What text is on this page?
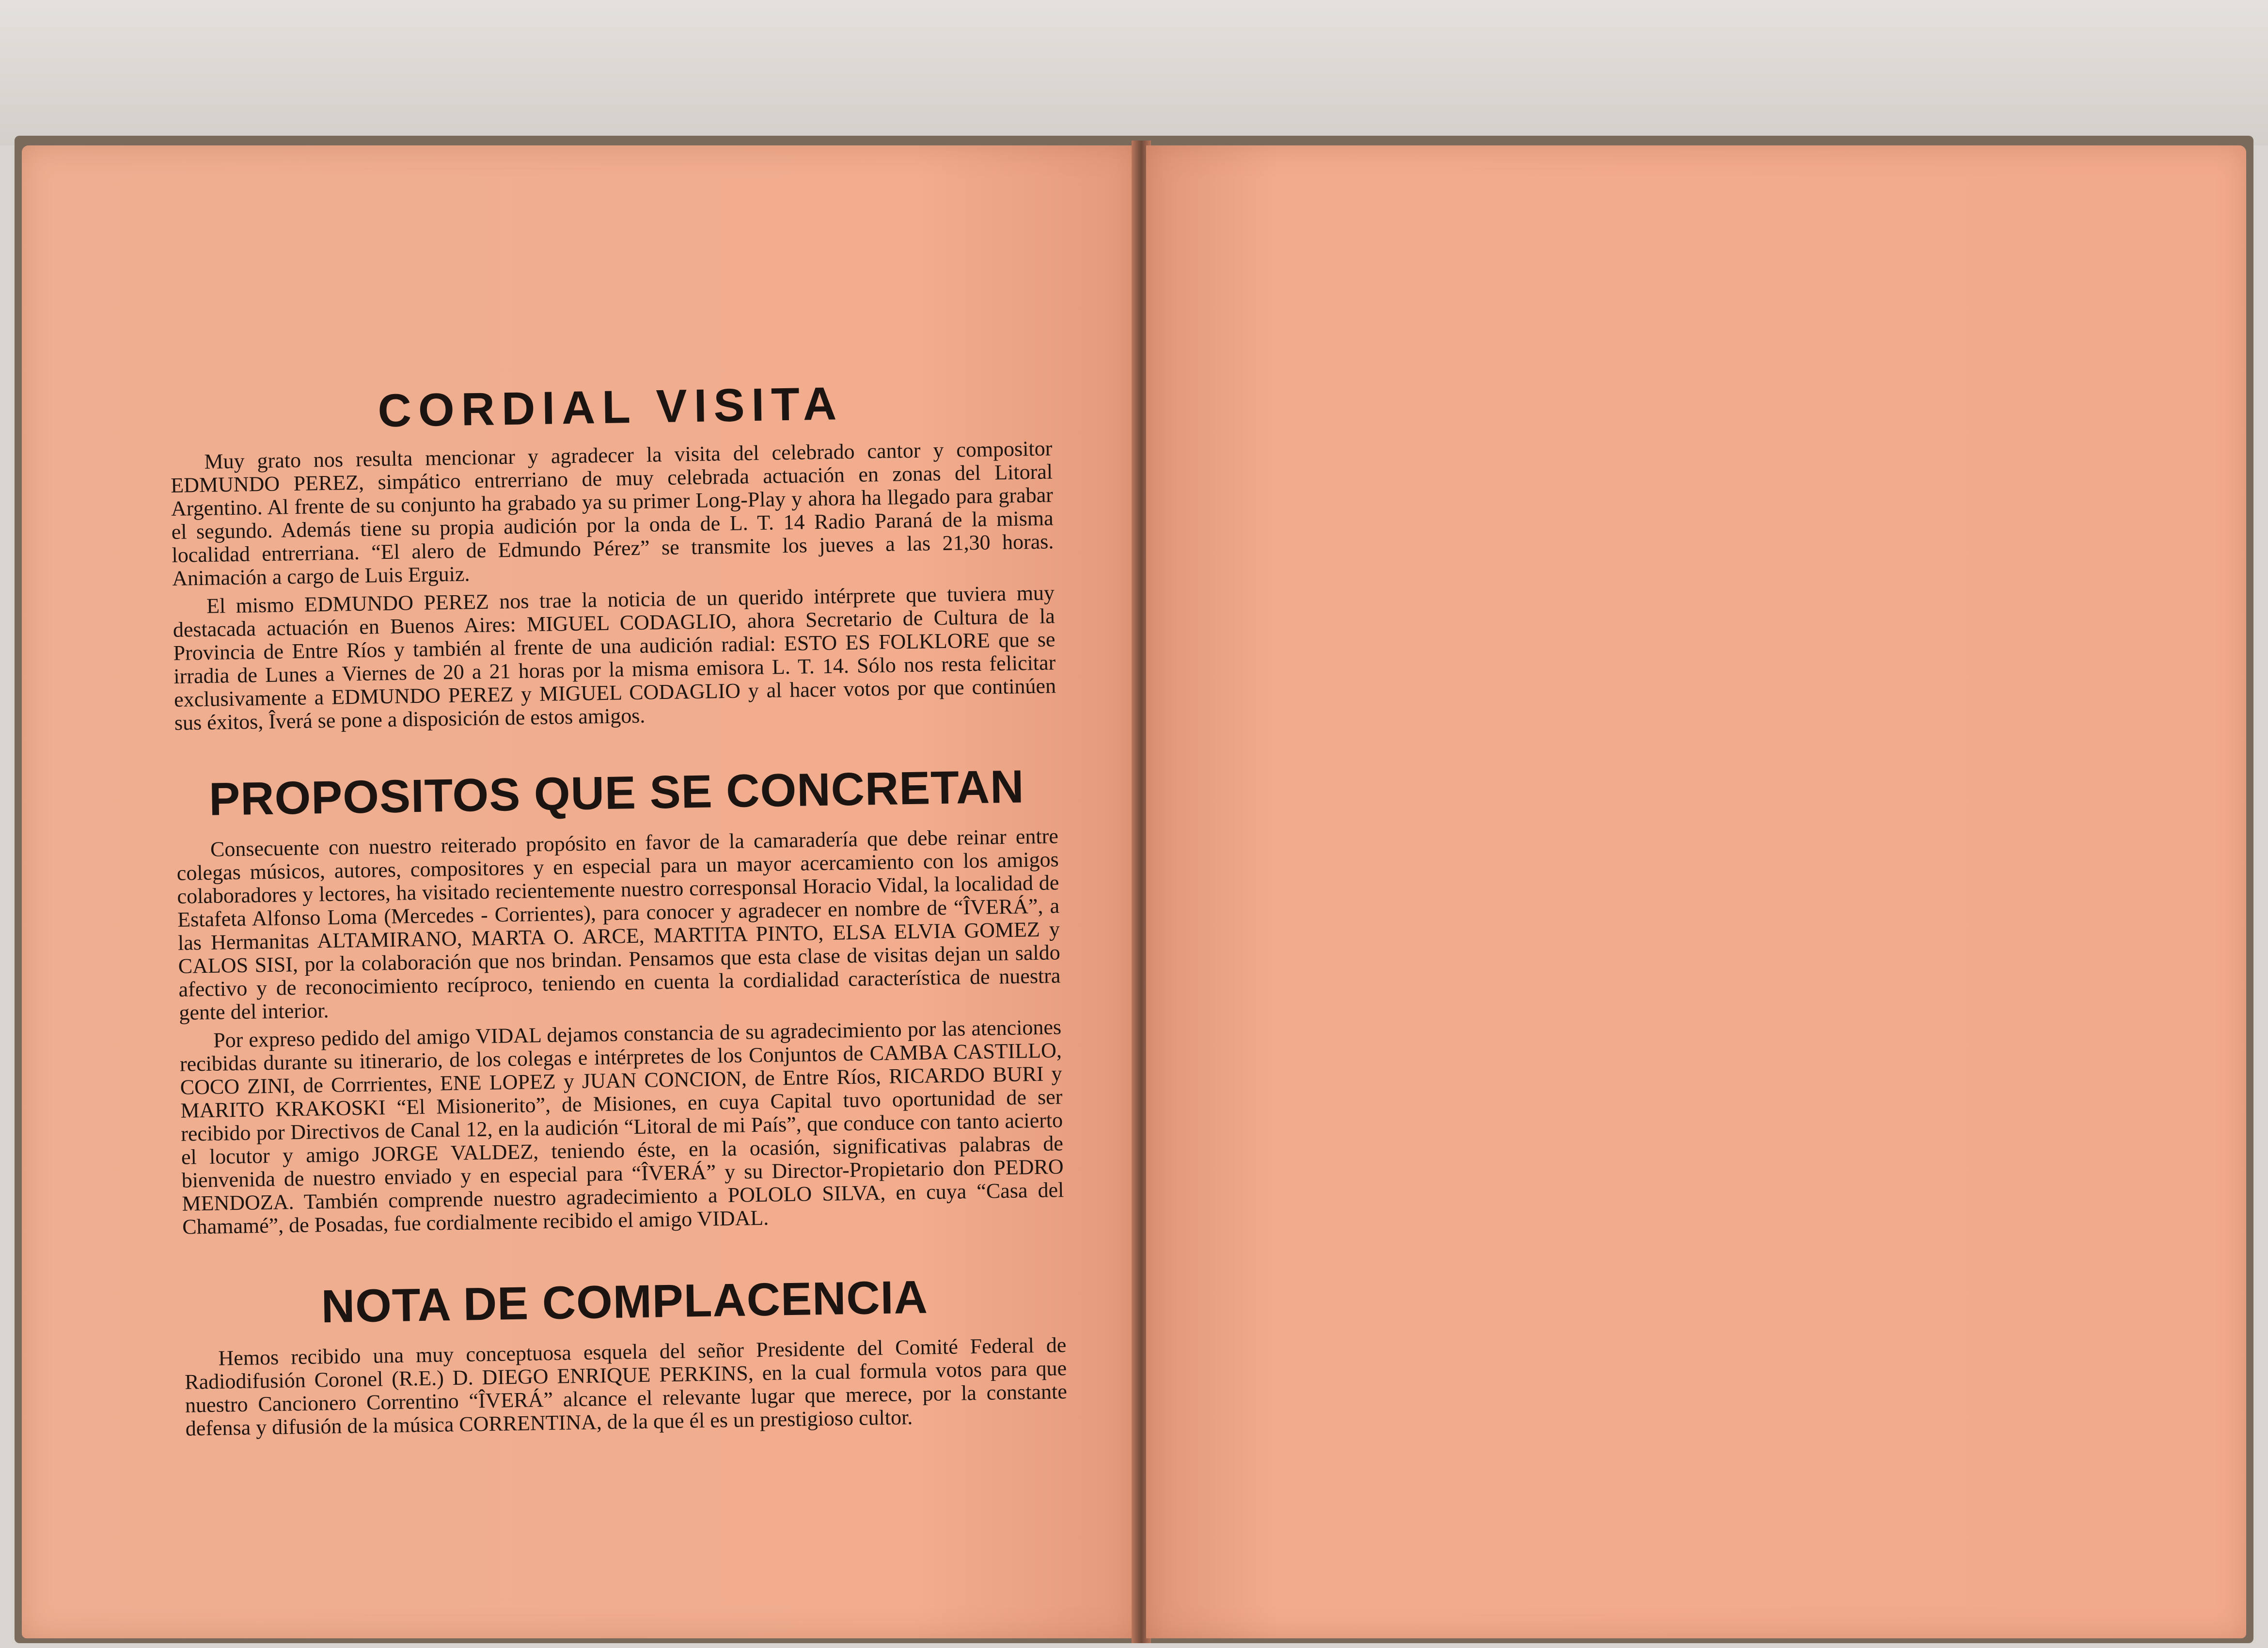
CORDIAL VISITA

Muy grato nos resulta mencionar y agradecer la visita del celebrado cantor y compositor EDMUNDO PEREZ, simpático entrerriano de muy celebrada actuación en zonas del Litoral Argentino. Al frente de su conjunto ha grabado ya su primer Long-Play y ahora ha llegado para grabar el segundo. Además tiene su propia audición por la onda de L. T. 14 Radio Paraná de la misma localidad entrerriana. “El alero de Edmundo Pérez” se transmite los jueves a las 21,30 horas. Animación a cargo de Luis Erguiz.

El mismo EDMUNDO PEREZ nos trae la noticia de un querido intérprete que tuviera muy destacada actuación en Buenos Aires: MIGUEL CODAGLIO, ahora Secretario de Cultura de la Provincia de Entre Ríos y también al frente de una audición radial: ESTO ES FOLKLORE que se irradia de Lunes a Viernes de 20 a 21 horas por la misma emisora L. T. 14. Sólo nos resta felicitar exclusivamente a EDMUNDO PEREZ y MIGUEL CODAGLIO y al hacer votos por que continúen sus éxitos, Îverá se pone a disposición de estos amigos.

PROPOSITOS QUE SE CONCRETAN

Consecuente con nuestro reiterado propósito en favor de la camaradería que debe reinar entre colegas músicos, autores, compositores y en especial para un mayor acercamiento con los amigos colaboradores y lectores, ha visitado recientemente nuestro corresponsal Horacio Vidal, la localidad de Estafeta Alfonso Loma (Mercedes - Corrientes), para conocer y agradecer en nombre de “ÎVERÁ”, a las Hermanitas ALTAMIRANO, MARTA O. ARCE, MARTITA PINTO, ELSA ELVIA GOMEZ y CALOS SISI, por la colaboración que nos brindan. Pensamos que esta clase de visitas dejan un saldo afectivo y de reconocimiento recíproco, teniendo en cuenta la cordialidad característica de nuestra gente del interior.

Por expreso pedido del amigo VIDAL dejamos constancia de su agradecimiento por las atenciones recibidas durante su itinerario, de los colegas e intérpretes de los Conjuntos de CAMBA CASTILLO, COCO ZINI, de Corrrientes, ENE LOPEZ y JUAN CONCION, de Entre Ríos, RICARDO BURI y MARITO KRAKOSKI “El Misionerito”, de Misiones, en cuya Capital tuvo oportunidad de ser recibido por Directivos de Canal 12, en la audición “Litoral de mi País”, que conduce con tanto acierto el locutor y amigo JORGE VALDEZ, teniendo éste, en la ocasión, significativas palabras de bienvenida de nuestro enviado y en especial para “ÎVERÁ” y su Director-Propietario don PEDRO MENDOZA. También comprende nuestro agradecimiento a POLOLO SILVA, en cuya “Casa del Chamamé”, de Posadas, fue cordialmente recibido el amigo VIDAL.

NOTA DE COMPLACENCIA

Hemos recibido una muy conceptuosa esquela del señor Presidente del Comité Federal de Radiodifusión Coronel (R.E.) D. DIEGO ENRIQUE PERKINS, en la cual formula votos para que nuestro Cancionero Correntino “ÎVERÁ” alcance el relevante lugar que merece, por la constante defensa y difusión de la música CORRENTINA, de la que él es un prestigioso cultor.
